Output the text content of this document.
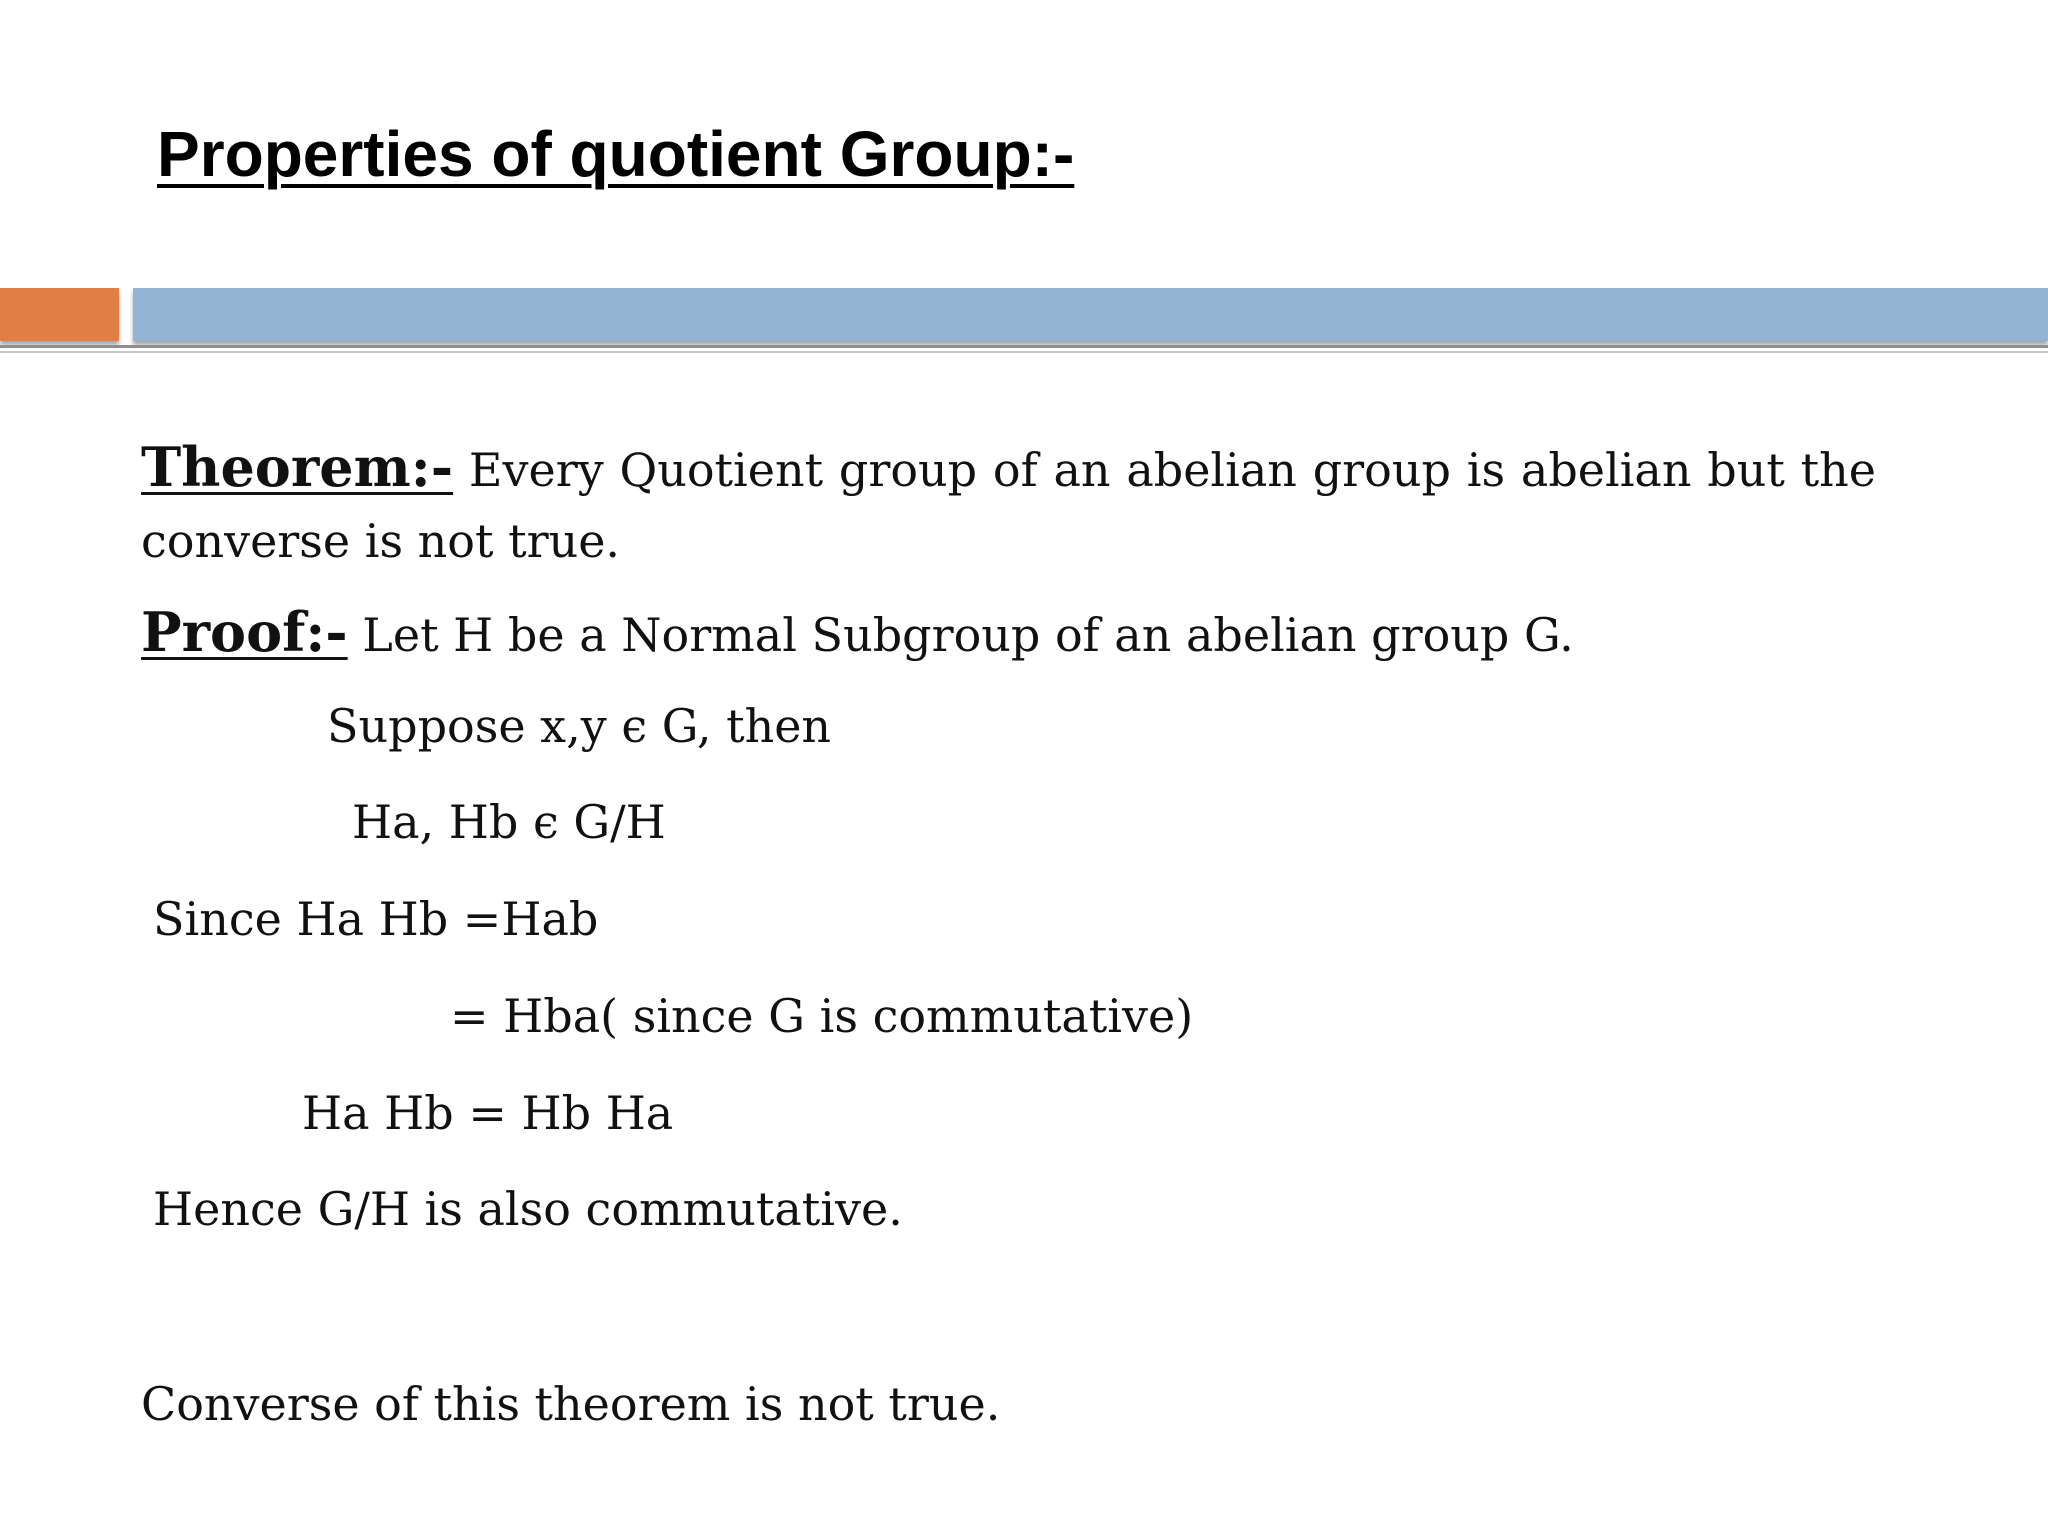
Properties of quotient Group:-
Theorem:- Every Quotient group of an abelian group is abelian but the converse is not true.
Proof:- Let H be a Normal Subgroup of an abelian group G.
Suppose x,y ϵ G, then
Ha, Hb ϵ G/H
Since Ha Hb =Hab
= Hba( since G is commutative)
Ha Hb = Hb Ha
Hence G/H is also commutative.
Converse of this theorem is not true.
